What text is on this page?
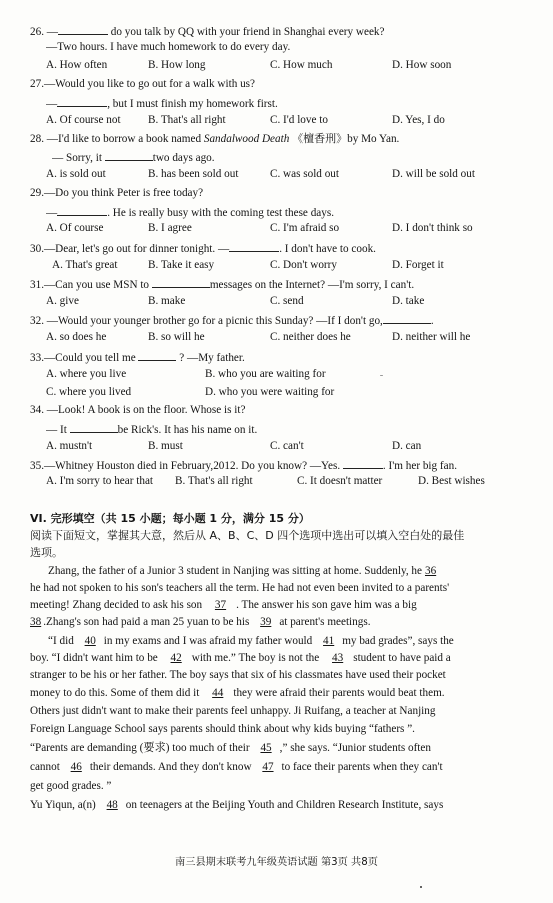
26. —	do you talk by QQ with your friend in Shanghai every week?
—Two hours. I have much homework to do every day.
A. How often	B. How long	C. How much	D. How soon
27.—Would you like to go out for a walk with us?
—	, but I must finish my homework first.
A. Of course not B. That's all right	C. I'd love to	D. Yes, I do
28. —I'd like to borrow a book named Sandalwood Death 《檀香刑》by Mo Yan.
— Sorry, it	two days ago.
A. is sold out	B. has been sold out	C. was sold out	D. will be sold out
29.—Do you think Peter is free today?
—	. He is really busy with the coming test these days.
A. Of course	B. I agree	C. I'm afraid so	D. I don't think so
30.—Dear, let's go out for dinner tonight. —	. I don't have to cook.
A. That's great	B. Take it easy	C. Don't worry	D. Forget it
31.—Can you use MSN to	messages on the Internet? —I'm sorry, I can't.
A. give	B. make	C. send	D. take
32. —Would your younger brother go for a picnic this Sunday? —If I don't go,	.
A. so does he	B. so will he	C. neither does he	D. neither will he
33.—Could you tell me	? —My father.
A. where you live	B. who you are waiting for
C. where you lived	D. who you were waiting for
34. —Look! A book is on the floor. Whose is it?
— It	be Rick's. It has his name on it.
A. mustn't	B. must	C. can't	D. can
35.—Whitney Houston died in February,2012. Do you know? —Yes.	. I'm her big fan.
A. I'm sorry to hear that B. That's all right	C. It doesn't matter	D. Best wishes
VI. 完形填空（共 15 小题；每小题 1 分，满分 15 分）
阅读下面短文，掌握其大意，然后从 A、B、C、D 四个选项中选出可以填入空白处的最佳
选项。
Zhang, the father of a Junior 3 student in Nanjing was sitting at home. Suddenly, he 36
he had not spoken to his son's teachers all the term. He had not even been invited to a parents'
meeting! Zhang decided to ask his son 37 . The answer his son gave him was a big
38 .Zhang's son had paid a man 25 yuan to be his 39 at parent's meetings.
“I did 40 in my exams and I was afraid my father would 41 my bad grades”, says the
boy. “I didn't want him to be 42 with me.” The boy is not the 43 student to have paid a
stranger to be his or her father. The boy says that six of his classmates have used their pocket
money to do this. Some of them did it 44 they were afraid their parents would beat them.
Others just didn't want to make their parents feel unhappy. Ji Ruifang, a teacher at Nanjing
Foreign Language School says parents should think about why kids buying “fathers ”.
“Parents are demanding (要求) too much of their 45 ,” she says. “Junior students often
cannot 46 their demands. And they don't know 47 to face their parents when they can't
get good grades. ”
Yu Yiqun, a(n) 48 on teenagers at the Beijing Youth and Children Research Institute, says
南三县期末联考九年级英语试题 第3页 共8页
